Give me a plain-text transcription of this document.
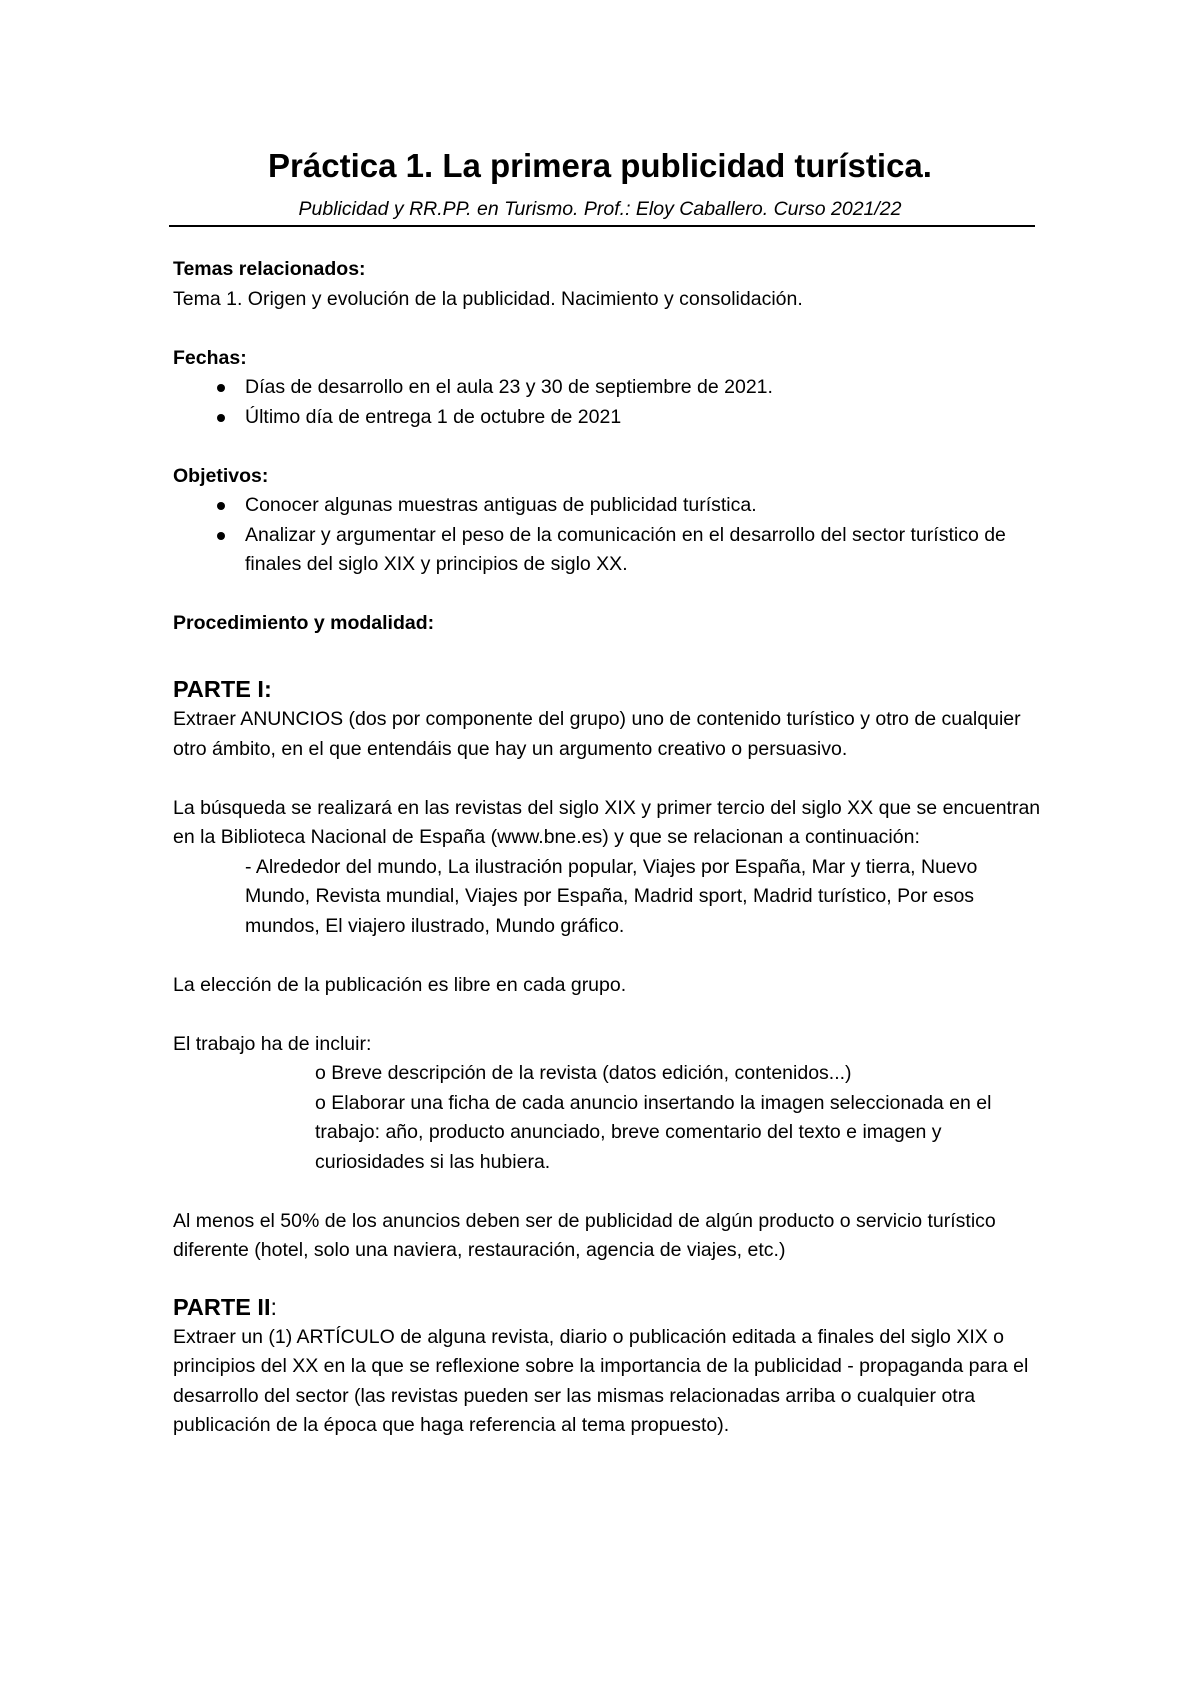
Práctica 1. La primera publicidad turística.
Publicidad y RR.PP. en Turismo. Prof.: Eloy Caballero. Curso 2021/22

Temas relacionados:

Tema 1. Origen y evolución de la publicidad. Nacimiento y consolidación.

Fechas:

Días de desarrollo en el aula 23 y 30 de septiembre de 2021.
Último día de entrega 1 de octubre de 2021

Objetivos:

Conocer algunas muestras antiguas de publicidad turística.
Analizar y argumentar el peso de la comunicación en el desarrollo del sector turístico de finales del siglo XIX y principios de siglo XX.

Procedimiento y modalidad:

PARTE I:

Extraer ANUNCIOS (dos por componente del grupo) uno de contenido turístico y otro de cualquier otro ámbito, en el que entendáis que hay un argumento creativo o persuasivo.

La búsqueda se realizará en las revistas del siglo XIX y primer tercio del siglo XX que se encuentran en la Biblioteca Nacional de España (www.bne.es) y que se relacionan a continuación:

- Alrededor del mundo, La ilustración popular, Viajes por España, Mar y tierra, Nuevo Mundo, Revista mundial, Viajes por España, Madrid sport, Madrid turístico, Por esos mundos, El viajero ilustrado, Mundo gráfico.

La elección de la publicación es libre en cada grupo.

El trabajo ha de incluir:

o Breve descripción de la revista (datos edición, contenidos...)

o Elaborar una ficha de cada anuncio insertando la imagen seleccionada en el trabajo: año, producto anunciado, breve comentario del texto e imagen y curiosidades si las hubiera.

Al menos el 50% de los anuncios deben ser de publicidad de algún producto o servicio turístico diferente (hotel, solo una naviera, restauración, agencia de viajes, etc.)

PARTE II:

Extraer un (1) ARTÍCULO de alguna revista, diario o publicación editada a finales del siglo XIX o principios del XX en la que se reflexione sobre la importancia de la publicidad - propaganda para el desarrollo del sector (las revistas pueden ser las mismas relacionadas arriba o cualquier otra publicación de la época que haga referencia al tema propuesto).
